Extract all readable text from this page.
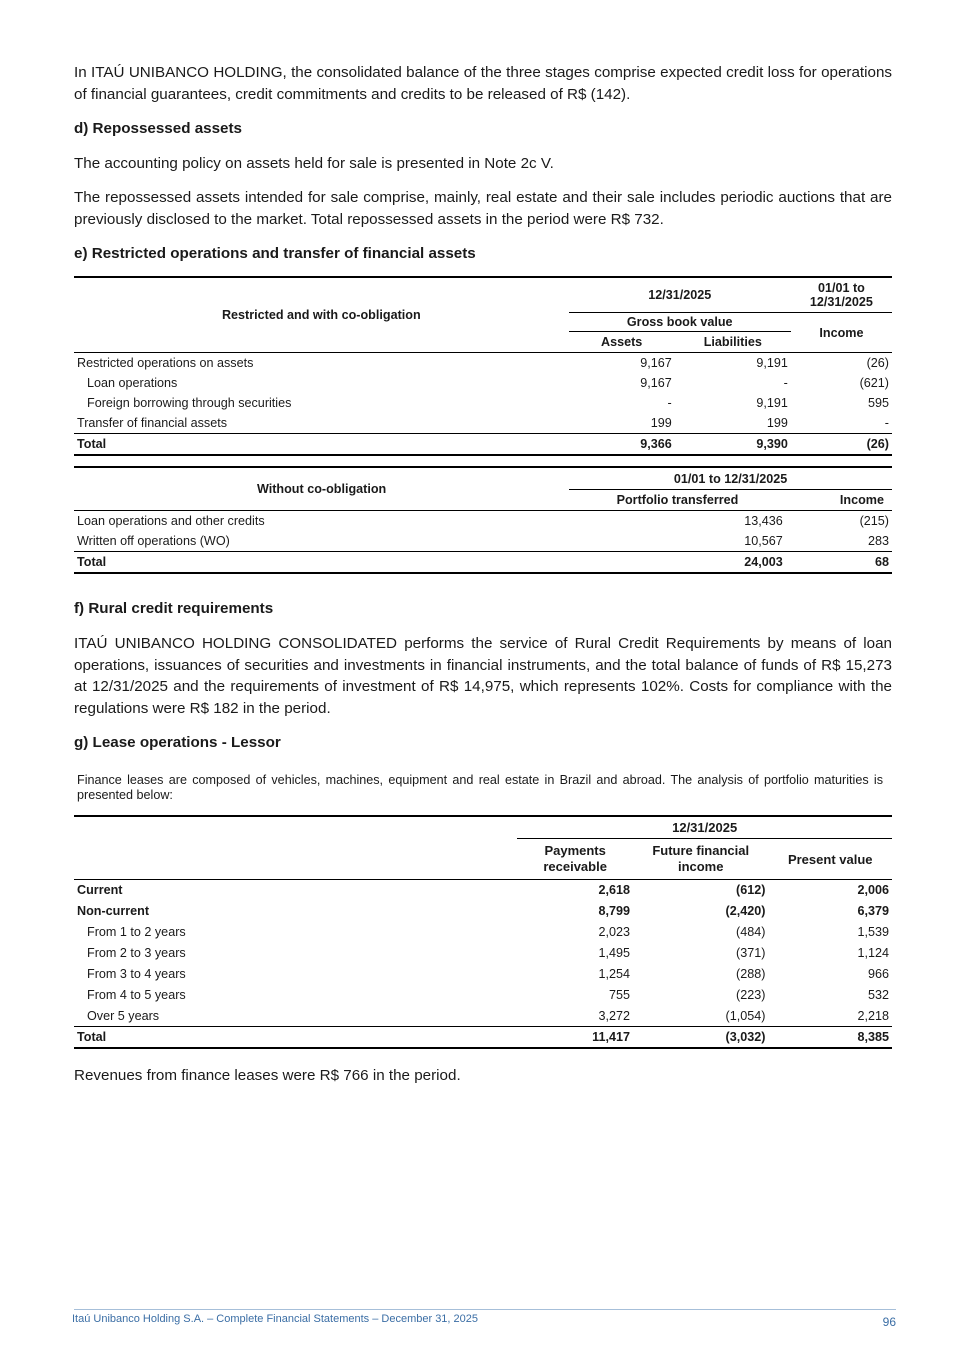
In ITAÚ UNIBANCO HOLDING, the consolidated balance of the three stages comprise expected credit loss for operations of financial guarantees, credit commitments and credits to be released of R$ (142).

d) Repossessed assets

The accounting policy on assets held for sale is presented in Note 2c V.

The repossessed assets intended for sale comprise, mainly, real estate and their sale includes periodic auctions that are previously disclosed to the market. Total repossessed assets in the period were R$ 732.

e) Restricted operations and transfer of financial assets
Restricted and with co-obligation	12/31/2025		01/01 to
12/31/2025
	Gross book value		Income
	Assets	Liabilities	
Restricted operations on assets	9,167	9,191	(26)
Loan operations	9,167	-	(621)
Foreign borrowing through securities	-	9,191	595
Transfer of financial assets	199	199	-
Total	9,366	9,390	(26)
Without co-obligation	01/01 to 12/31/2025	
	Portfolio transferred	Income
Loan operations and other credits	13,436	(215)
Written off operations (WO)	10,567	283
Total	24,003	68
f) Rural credit requirements

ITAÚ UNIBANCO HOLDING CONSOLIDATED performs the service of Rural Credit Requirements by means of loan operations, issuances of securities and investments in financial instruments, and the total balance of funds of R$ 15,273 at 12/31/2025 and the requirements of investment of R$ 14,975, which represents 102%. Costs for compliance with the regulations were R$ 182 in the period.

g) Lease operations - Lessor

Finance leases are composed of vehicles, machines, equipment and real estate in Brazil and abroad. The analysis of portfolio maturities is presented below:

	12/31/2025		
	Payments
receivable	Future financial
income	Present value
Current	2,618	(612)	2,006
Non-current	8,799	(2,420)	6,379
From 1 to 2 years	2,023	(484)	1,539
From 2 to 3 years	1,495	(371)	1,124
From 3 to 4 years	1,254	(288)	966
From 4 to 5 years	755	(223)	532
Over 5 years	3,272	(1,054)	2,218
Total	11,417	(3,032)	8,385

Revenues from finance leases were R$ 766 in the period.

Itaú Unibanco Holding S.A. – Complete Financial Statements – December 31, 2025	96
